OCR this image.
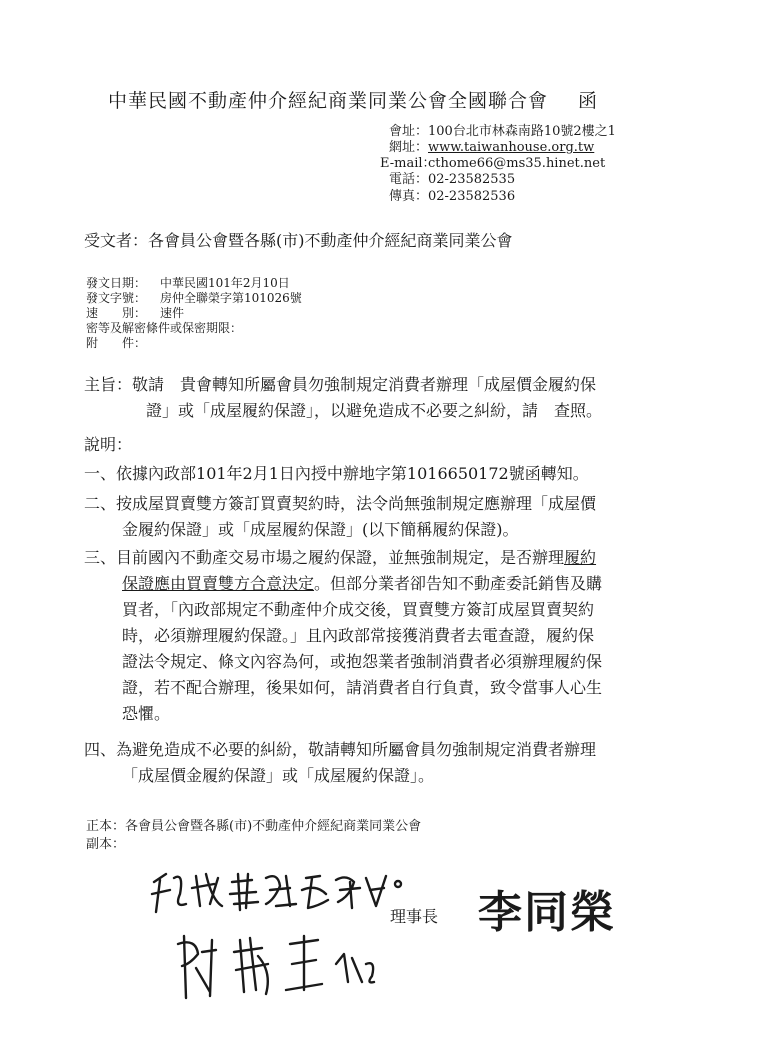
中華民國不動產仲介經紀商業同業公會全國聯合會 函
會址：100台北市林森南路10號2樓之1
網址：www.taiwanhouse.org.tw
E-mail：cthome66@ms35.hinet.net
電話：02-23582535
傳真：02-23582536
受文者：各會員公會暨各縣(市)不動產仲介經紀商業同業公會
發文日期： 中華民國101年2月10日
發文字號： 房仲全聯榮字第101026號
速　　別： 速件
密等及解密條件或保密期限：
附　　件：
主旨：敬請　貴會轉知所屬會員勿強制規定消費者辦理「成屋價金履約保
證」或「成屋履約保證」，以避免造成不必要之糾紛，請　查照。
說明：
一、依據內政部101年2月1日內授中辦地字第1016650172號函轉知。
二、按成屋買賣雙方簽訂買賣契約時，法令尚無強制規定應辦理「成屋價
金履約保證」或「成屋履約保證」(以下簡稱履約保證)。
三、目前國內不動產交易市場之履約保證，並無強制規定，是否辦理履約
保證應由買賣雙方合意決定。但部分業者卻告知不動產委託銷售及購
買者，「內政部規定不動產仲介成交後，買賣雙方簽訂成屋買賣契約
時，必須辦理履約保證。」且內政部常接獲消費者去電查證，履約保
證法令規定、條文內容為何，或抱怨業者強制消費者必須辦理履約保
證，若不配合辦理，後果如何，請消費者自行負責，致令當事人心生
恐懼。
四、為避免造成不必要的糾紛，敬請轉知所屬會員勿強制規定消費者辦理
「成屋價金履約保證」或「成屋履約保證」。
正本：各會員公會暨各縣(市)不動產仲介經紀商業同業公會
副本：
理事長 李同榮
